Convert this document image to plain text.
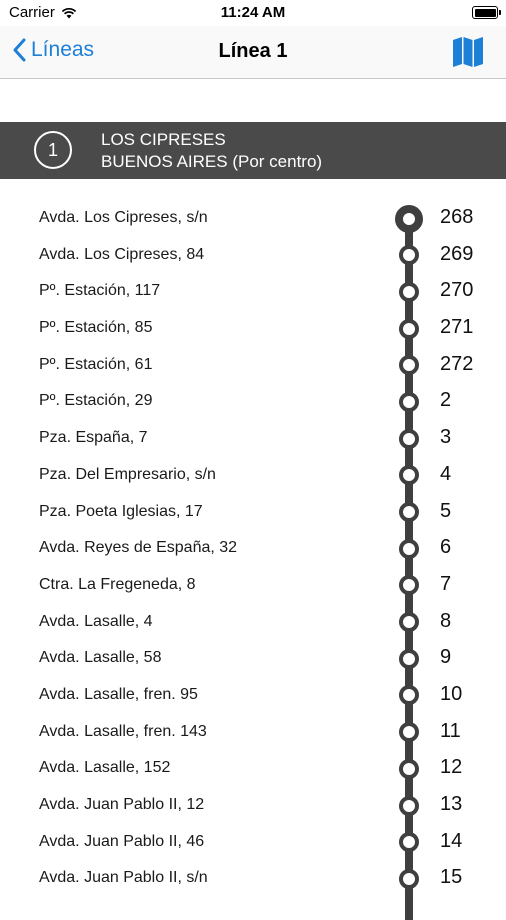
Carrier	11:24 AM
Líneas	Línea 1
1	LOS CIPRESES
BUENOS AIRES (Por centro)
Avda. Los Cipreses, s/n	268
Avda. Los Cipreses, 84	269
Pº. Estación, 117	270
Pº. Estación, 85	271
Pº. Estación, 61	272
Pº. Estación, 29	2
Pza. España, 7	3
Pza. Del Empresario, s/n	4
Pza. Poeta Iglesias, 17	5
Avda. Reyes de España, 32	6
Ctra. La Fregeneda, 8	7
Avda. Lasalle, 4	8
Avda. Lasalle, 58	9
Avda. Lasalle, fren. 95	10
Avda. Lasalle, fren. 143	11
Avda. Lasalle, 152	12
Avda. Juan Pablo II, 12	13
Avda. Juan Pablo II, 46	14
Avda. Juan Pablo II, s/n	15
